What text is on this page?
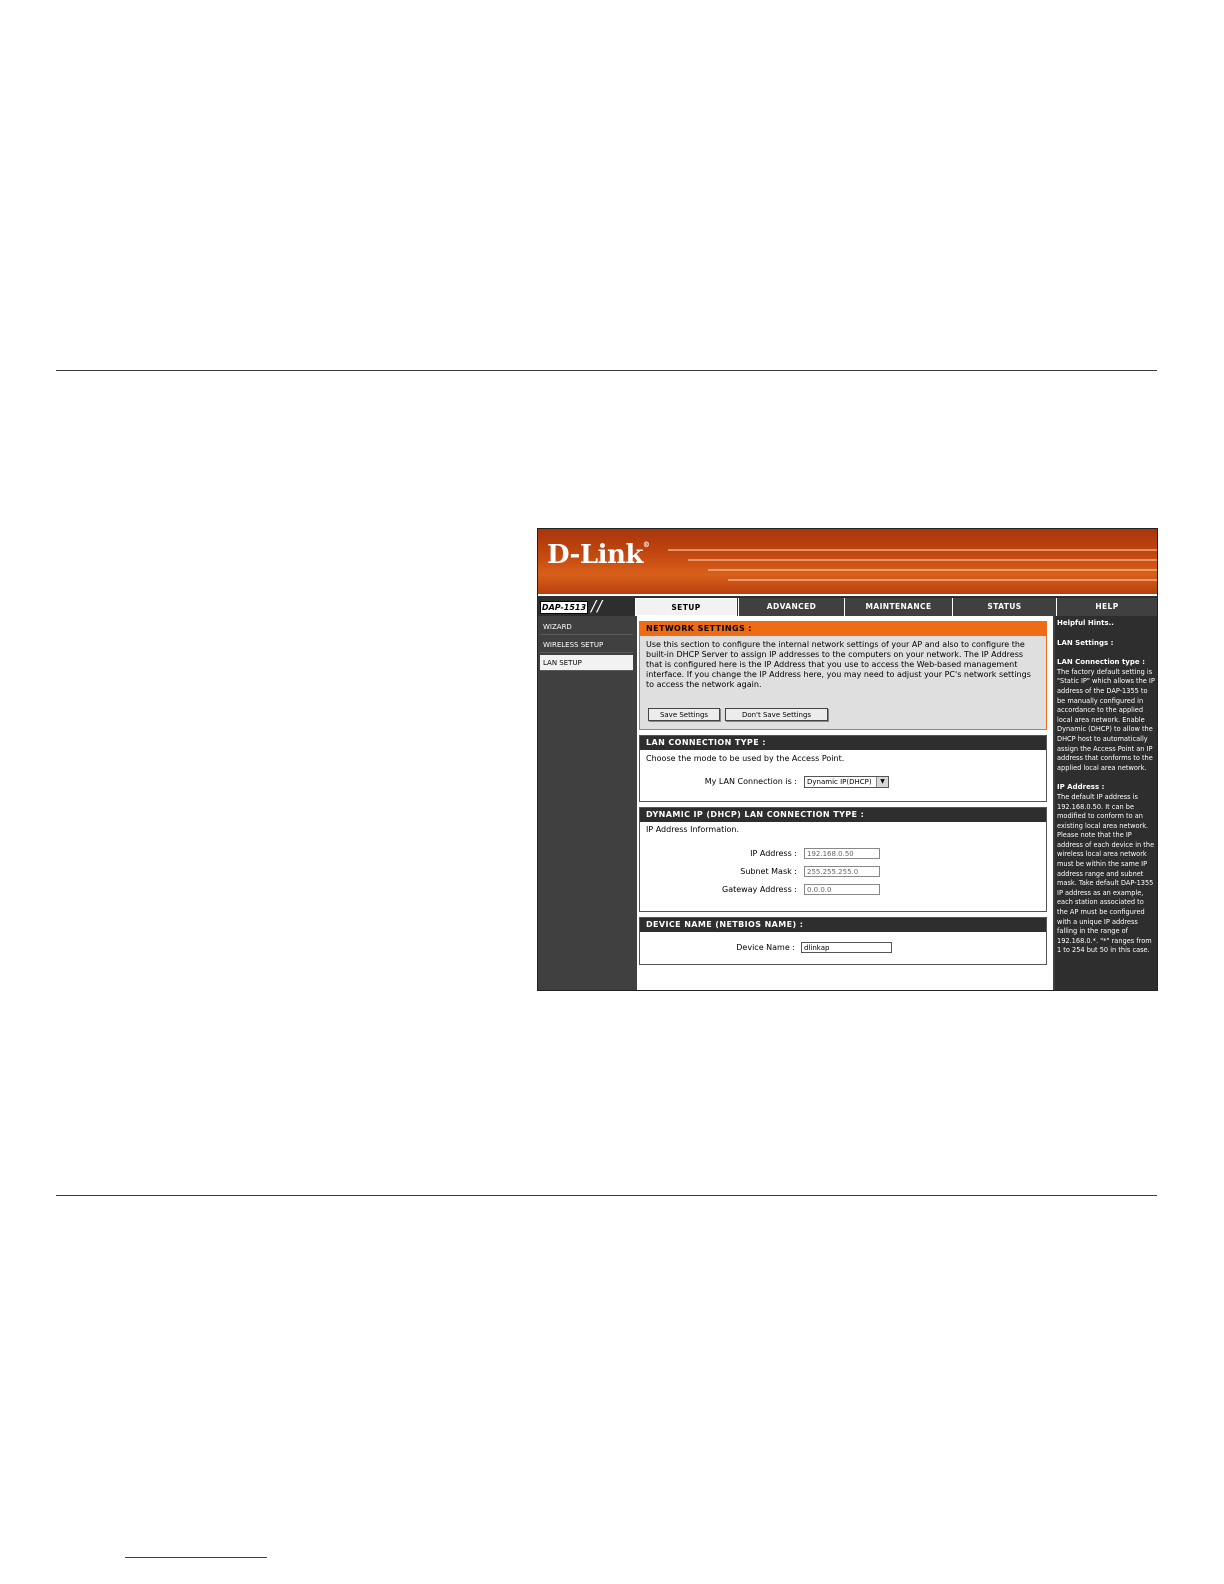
D-Link®
DAP-1513 / /	SETUP	ADVANCED	MAINTENANCE	STATUS	HELP
WIZARD
WIRELESS SETUP
LAN SETUP
NETWORK SETTINGS :
Use this section to configure the internal network settings of your AP and also to configure the built-in DHCP Server to assign IP addresses to the computers on your network. The IP Address that is configured here is the IP Address that you use to access the Web-based management interface. If you change the IP Address here, you may need to adjust your PC's network settings to access the network again.
Save Settings	Don't Save Settings
LAN CONNECTION TYPE :
Choose the mode to be used by the Access Point.
My LAN Connection is :	Dynamic IP(DHCP)	▼
DYNAMIC IP (DHCP) LAN CONNECTION TYPE :
IP Address Information.
IP Address :	192.168.0.50
Subnet Mask :	255.255.255.0
Gateway Address :	0.0.0.0
DEVICE NAME (NETBIOS NAME) :
Device Name :	dlinkap

Helpful Hints..

LAN Settings :

LAN Connection type :

The factory default setting is "Static IP" which allows the IP address of the DAP-1355 to be manually configured in accordance to the applied local area network. Enable Dynamic (DHCP) to allow the DHCP host to automatically assign the Access Point an IP address that conforms to the applied local area network.

IP Address :

The default IP address is 192.168.0.50. It can be modified to conform to an existing local area network. Please note that the IP address of each device in the wireless local area network must be within the same IP address range and subnet mask. Take default DAP-1355 IP address as an example, each station associated to the AP must be configured with a unique IP address falling in the range of 192.168.0.*. "*" ranges from 1 to 254 but 50 in this case.
